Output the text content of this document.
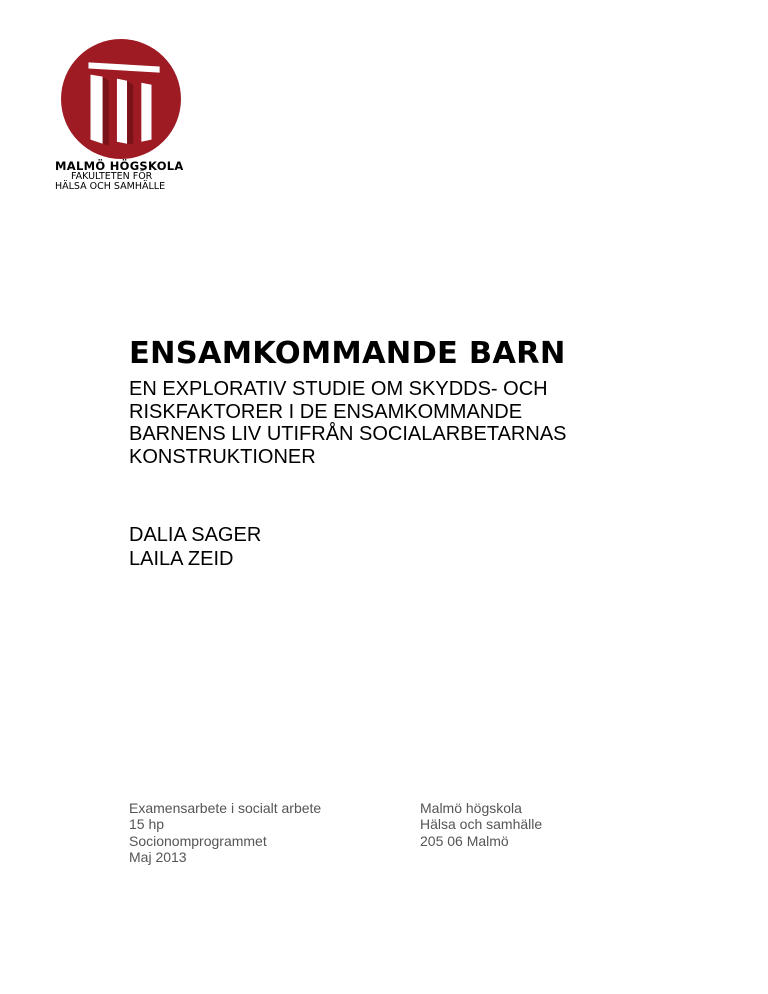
MALMÖ HÖGSKOLA
FAKULTETEN FÖR
HÄLSA OCH SAMHÄLLE
ENSAMKOMMANDE BARN
EN EXPLORATIV STUDIE OM SKYDDS- OCH
RISKFAKTORER I DE ENSAMKOMMANDE
BARNENS LIV UTIFRÅN SOCIALARBETARNAS
KONSTRUKTIONER
DALIA SAGER
LAILA ZEID
Examensarbete i socialt arbete
15 hp
Socionomprogrammet
Maj 2013
Malmö högskola
Hälsa och samhälle
205 06 Malmö
